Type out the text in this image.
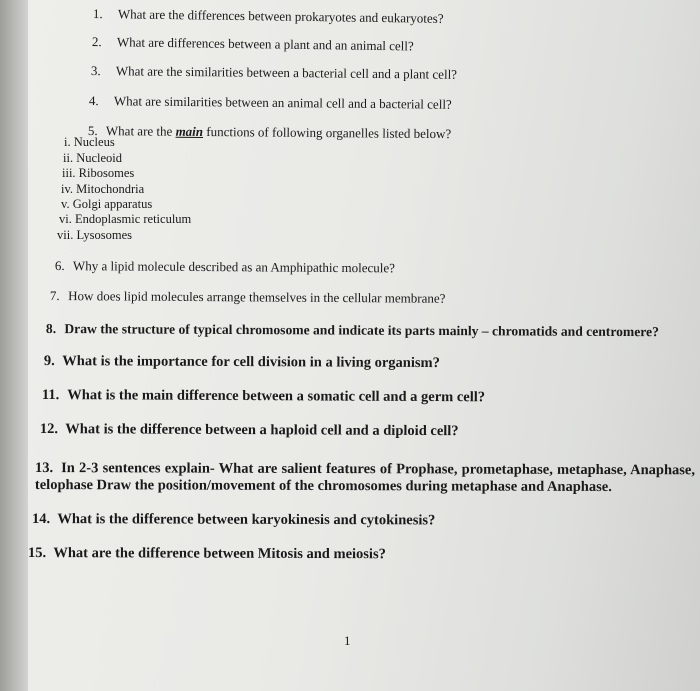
1. What are the differences between prokaryotes and eukaryotes?

2. What are differences between a plant and an animal cell?

3. What are the similarities between a bacterial cell and a plant cell?

4. What are similarities between an animal cell and a bacterial cell?

5. What are the main functions of following organelles listed below?

i. Nucleus

ii. Nucleoid

iii. Ribosomes

iv. Mitochondria

v. Golgi apparatus

vi. Endoplasmic reticulum

vii. Lysosomes

6. Why a lipid molecule described as an Amphipathic molecule?

7. How does lipid molecules arrange themselves in the cellular membrane?

8. Draw the structure of typical chromosome and indicate its parts mainly – chromatids and centromere?

9. What is the importance for cell division in a living organism?

11. What is the main difference between a somatic cell and a germ cell?

12. What is the difference between a haploid cell and a diploid cell?

13. In 2-3 sentences explain- What are salient features of Prophase, prometaphase, metaphase, Anaphase, telophase Draw the position/movement of the chromosomes during metaphase and Anaphase.

14. What is the difference between karyokinesis and cytokinesis?

15. What are the difference between Mitosis and meiosis?

1
